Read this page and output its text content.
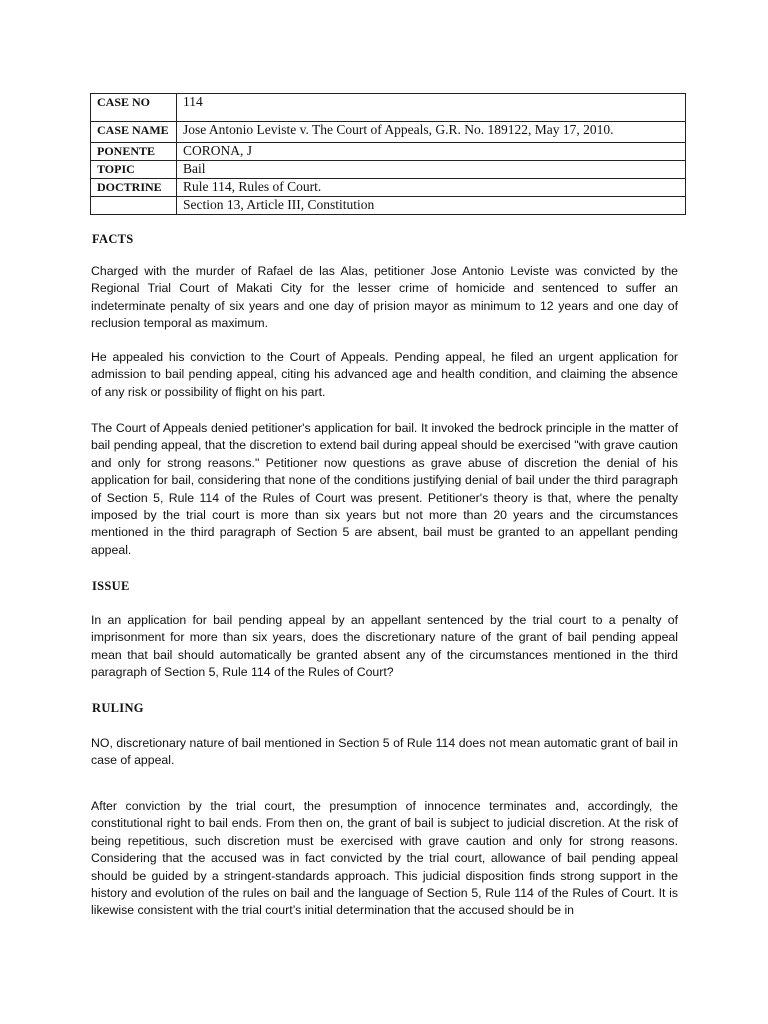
CASE NO	114
CASE NAME	Jose Antonio Leviste v. The Court of Appeals, G.R. No. 189122, May 17, 2010.
PONENTE	CORONA, J
TOPIC	Bail
DOCTRINE	Rule 114, Rules of Court.
	Section 13, Article III, Constitution
FACTS

Charged with the murder of Rafael de las Alas, petitioner Jose Antonio Leviste was convicted by the Regional Trial Court of Makati City for the lesser crime of homicide and sentenced to suffer an indeterminate penalty of six years and one day of prision mayor as minimum to 12 years and one day of reclusion temporal as maximum.

He appealed his conviction to the Court of Appeals. Pending appeal, he filed an urgent application for admission to bail pending appeal, citing his advanced age and health condition, and claiming the absence of any risk or possibility of flight on his part.

The Court of Appeals denied petitioner's application for bail. It invoked the bedrock principle in the matter of bail pending appeal, that the discretion to extend bail during appeal should be exercised "with grave caution and only for strong reasons." Petitioner now questions as grave abuse of discretion the denial of his application for bail, considering that none of the conditions justifying denial of bail under the third paragraph of Section 5, Rule 114 of the Rules of Court was present. Petitioner's theory is that, where the penalty imposed by the trial court is more than six years but not more than 20 years and the circumstances mentioned in the third paragraph of Section 5 are absent, bail must be granted to an appellant pending appeal.

ISSUE

In an application for bail pending appeal by an appellant sentenced by the trial court to a penalty of imprisonment for more than six years, does the discretionary nature of the grant of bail pending appeal mean that bail should automatically be granted absent any of the circumstances mentioned in the third paragraph of Section 5, Rule 114 of the Rules of Court?

RULING

NO, discretionary nature of bail mentioned in Section 5 of Rule 114 does not mean automatic grant of bail in case of appeal.

After conviction by the trial court, the presumption of innocence terminates and, accordingly, the constitutional right to bail ends. From then on, the grant of bail is subject to judicial discretion. At the risk of being repetitious, such discretion must be exercised with grave caution and only for strong reasons. Considering that the accused was in fact convicted by the trial court, allowance of bail pending appeal should be guided by a stringent-standards approach. This judicial disposition finds strong support in the history and evolution of the rules on bail and the language of Section 5, Rule 114 of the Rules of Court. It is likewise consistent with the trial court’s initial determination that the accused should be in
